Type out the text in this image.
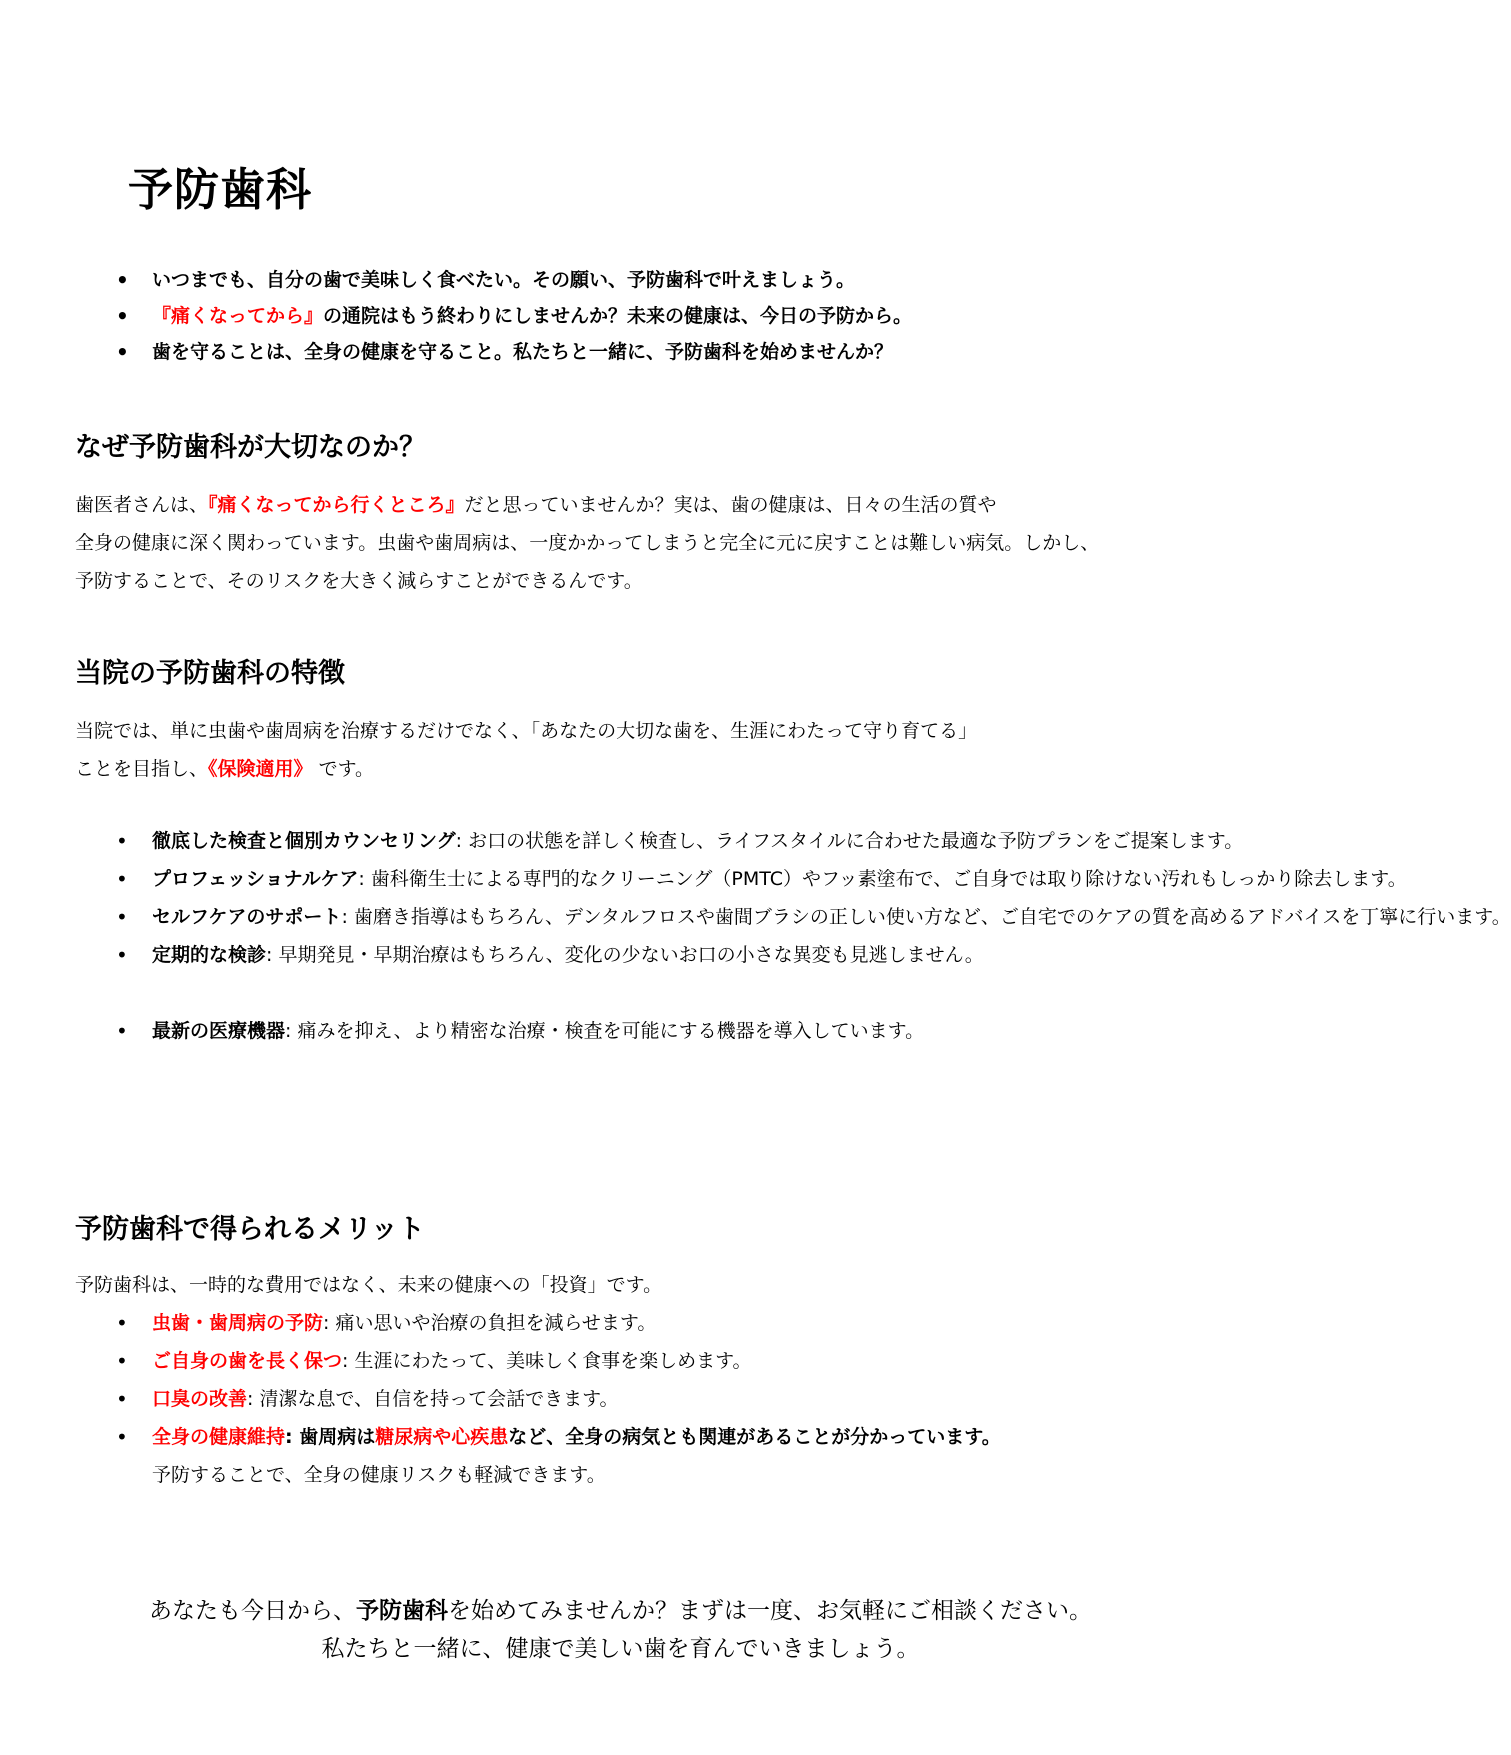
予防歯科
• いつまでも、自分の歯で美味しく食べたい。その願い、予防歯科で叶えましょう。
• 『痛くなってから』の通院はもう終わりにしませんか？未来の健康は、今日の予防から。
• 歯を守ることは、全身の健康を守ること。私たちと一緒に、予防歯科を始めませんか？
なぜ予防歯科が大切なのか？

歯医者さんは、『痛くなってから行くところ』だと思っていませんか？実は、歯の健康は、日々の生活の質や

全身の健康に深く関わっています。虫歯や歯周病は、一度かかってしまうと完全に元に戻すことは難しい病気。しかし、

予防することで、そのリスクを大きく減らすことができるんです。

当院の予防歯科の特徴

当院では、単に虫歯や歯周病を治療するだけでなく、「あなたの大切な歯を、生涯にわたって守り育てる」

ことを目指し、《保険適用》 です。

• 徹底した検査と個別カウンセリング: お口の状態を詳しく検査し、ライフスタイルに合わせた最適な予防プランをご提案します。
• プロフェッショナルケア: 歯科衛生士による専門的なクリーニング（PMTC）やフッ素塗布で、ご自身では取り除けない汚れもしっかり除去します。
• セルフケアのサポート: 歯磨き指導はもちろん、デンタルフロスや歯間ブラシの正しい使い方など、ご自宅でのケアの質を高めるアドバイスを丁寧に行います。
• 定期的な検診: 早期発見・早期治療はもちろん、変化の少ないお口の小さな異変も見逃しません。
• 最新の医療機器: 痛みを抑え、より精密な治療・検査を可能にする機器を導入しています。
予防歯科で得られるメリット

予防歯科は、一時的な費用ではなく、未来の健康への「投資」です。

• 虫歯・歯周病の予防: 痛い思いや治療の負担を減らせます。
• ご自身の歯を長く保つ: 生涯にわたって、美味しく食事を楽しめます。
• 口臭の改善: 清潔な息で、自信を持って会話できます。
• 全身の健康維持: 歯周病は糖尿病や心疾患など、全身の病気とも関連があることが分かっています。
予防することで、全身の健康リスクも軽減できます。

あなたも今日から、予防歯科を始めてみませんか？まずは一度、お気軽にご相談ください。

私たちと一緒に、健康で美しい歯を育んでいきましょう。
